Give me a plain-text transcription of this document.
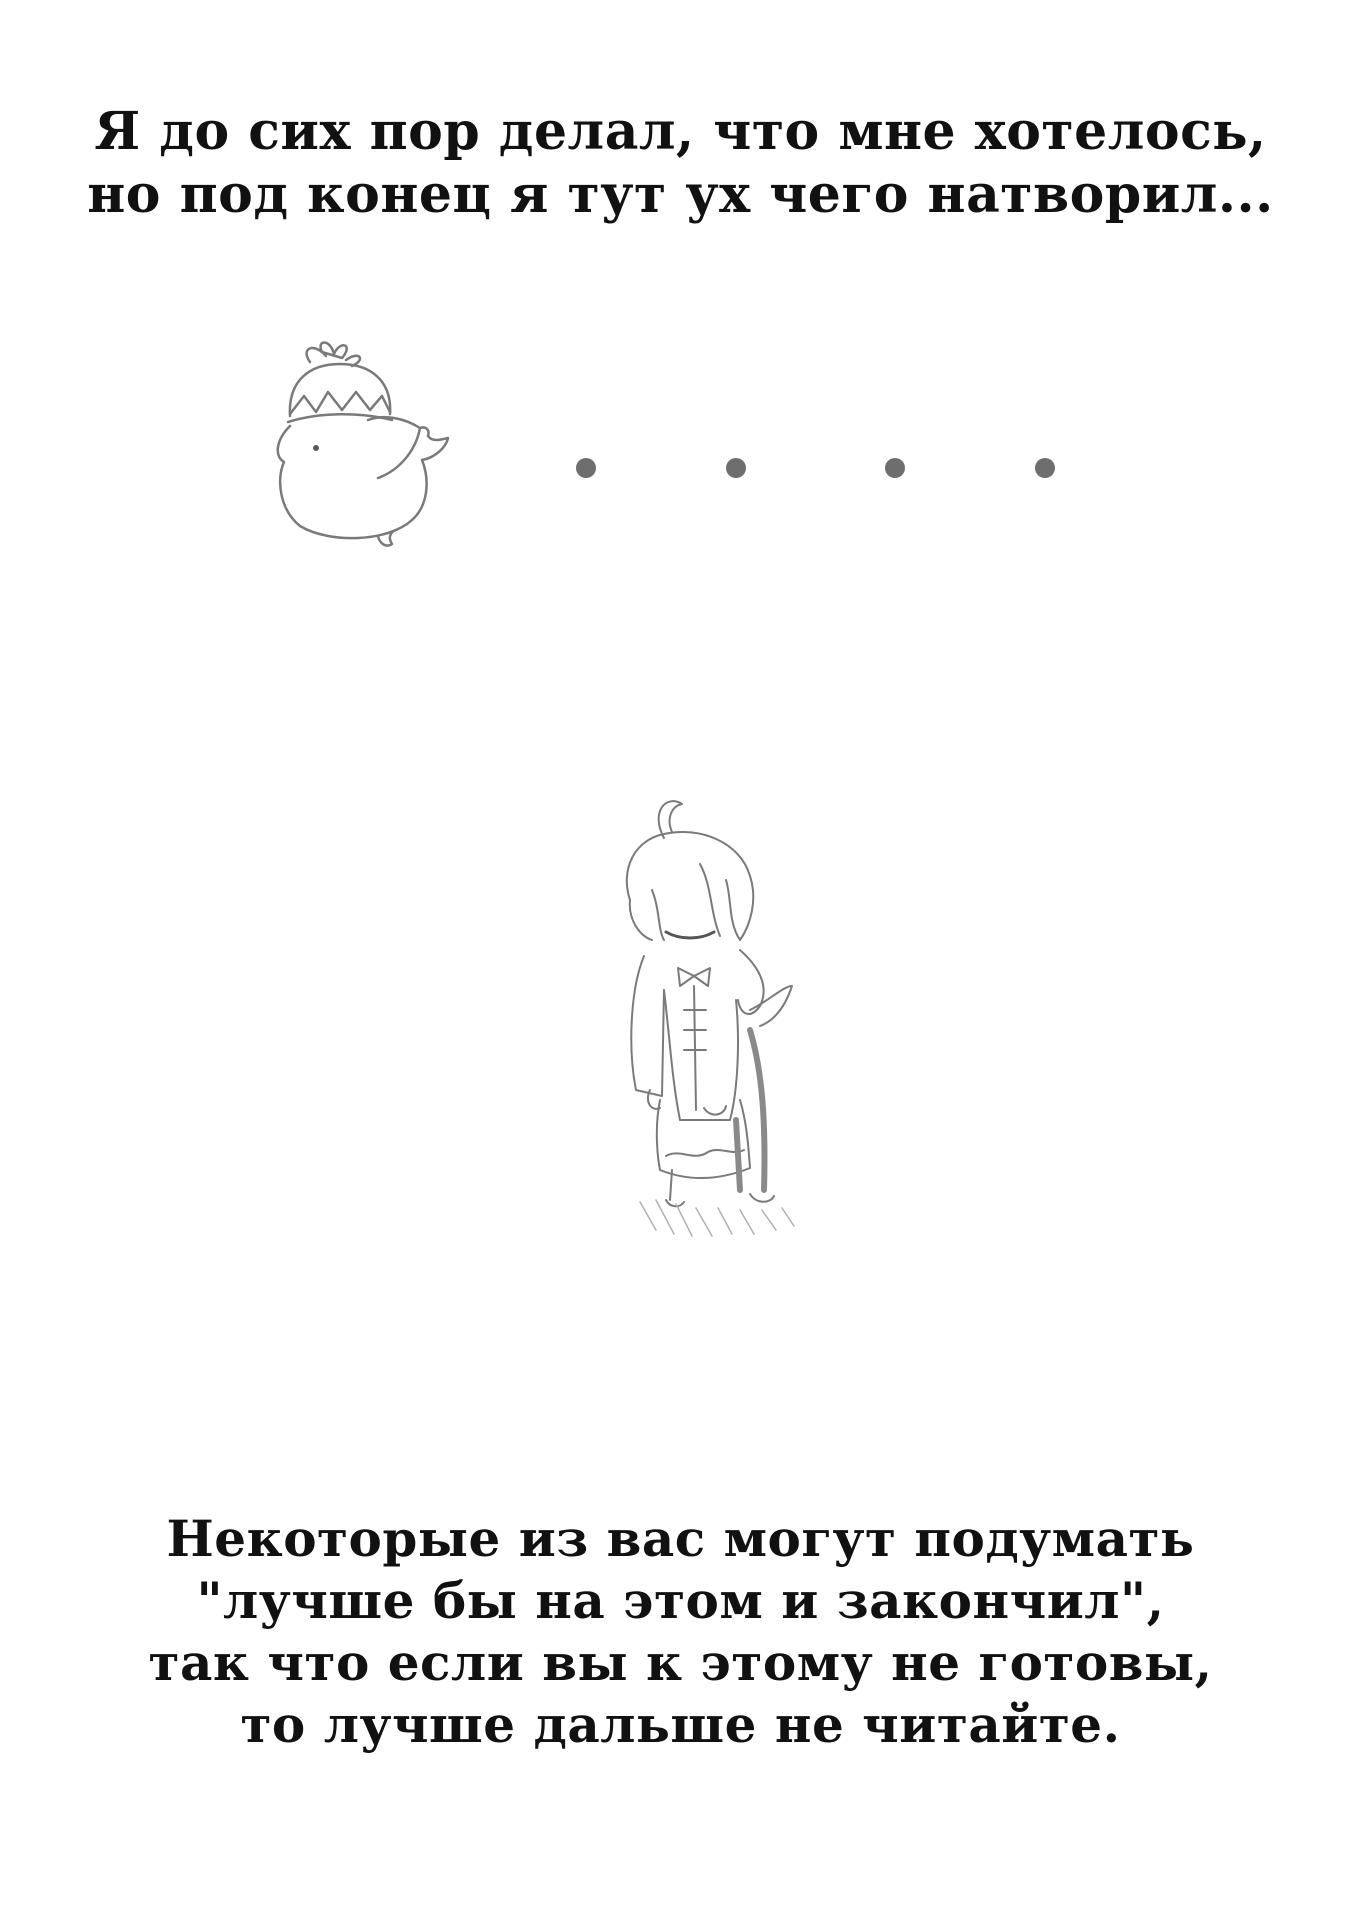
Я до сих пор делал, что мне хотелось,
но под конец я тут ух чего натворил...
Некоторые из вас могут подумать
"лучше бы на этом и закончил",
так что если вы к этому не готовы,
то лучше дальше не читайте.
